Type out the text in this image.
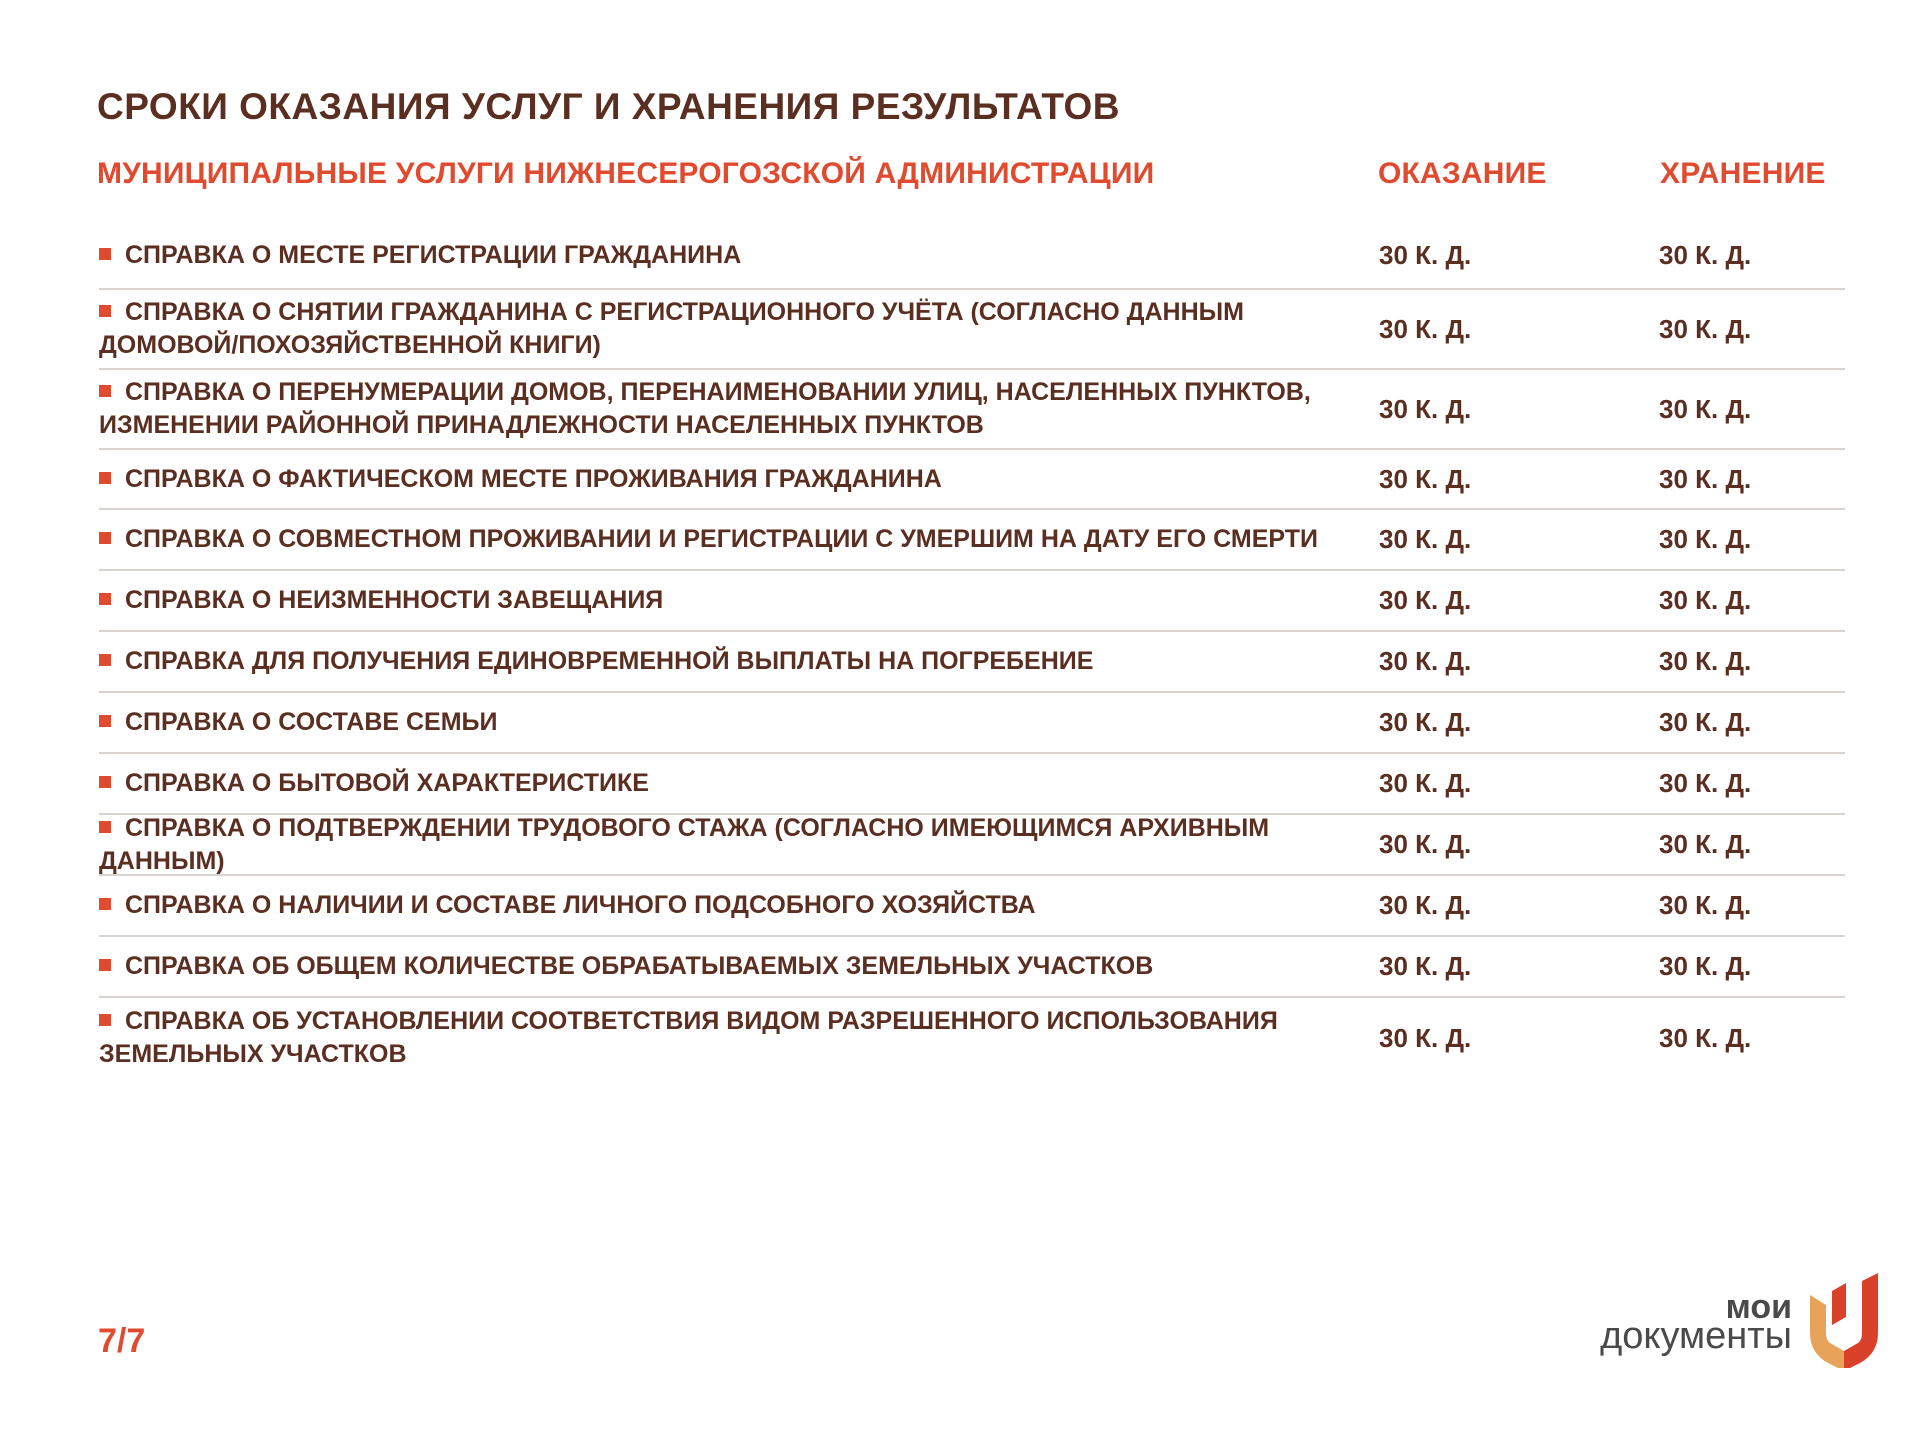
СРОКИ ОКАЗАНИЯ УСЛУГ И ХРАНЕНИЯ РЕЗУЛЬТАТОВ
МУНИЦИПАЛЬНЫЕ УСЛУГИ НИЖНЕСЕРОГОЗСКОЙ АДМИНИСТРАЦИИ	ОКАЗАНИЕ	ХРАНЕНИЕ
СПРАВКА О МЕСТЕ РЕГИСТРАЦИИ ГРАЖДАНИНА	30 К. Д.	30 К. Д.
СПРАВКА О СНЯТИИ ГРАЖДАНИНА С РЕГИСТРАЦИОННОГО УЧЁТА (СОГЛАСНО ДАННЫМ ДОМОВОЙ/ПОХОЗЯЙСТВЕННОЙ КНИГИ)
30 К. Д.	30 К. Д.
СПРАВКА О ПЕРЕНУМЕРАЦИИ ДОМОВ, ПЕРЕНАИМЕНОВАНИИ УЛИЦ, НАСЕЛЕННЫХ ПУНКТОВ, ИЗМЕНЕНИИ РАЙОННОЙ ПРИНАДЛЕЖНОСТИ НАСЕЛЕННЫХ ПУНКТОВ
30 К. Д.	30 К. Д.
СПРАВКА О ФАКТИЧЕСКОМ МЕСТЕ ПРОЖИВАНИЯ ГРАЖДАНИНА	30 К. Д.	30 К. Д.
СПРАВКА О СОВМЕСТНОМ ПРОЖИВАНИИ И РЕГИСТРАЦИИ С УМЕРШИМ НА ДАТУ ЕГО СМЕРТИ	30 К. Д.	30 К. Д.
СПРАВКА О НЕИЗМЕННОСТИ ЗАВЕЩАНИЯ	30 К. Д.	30 К. Д.
СПРАВКА ДЛЯ ПОЛУЧЕНИЯ ЕДИНОВРЕМЕННОЙ ВЫПЛАТЫ НА ПОГРЕБЕНИЕ	30 К. Д.	30 К. Д.
СПРАВКА О СОСТАВЕ СЕМЬИ	30 К. Д.	30 К. Д.
СПРАВКА О БЫТОВОЙ ХАРАКТЕРИСТИКЕ	30 К. Д.	30 К. Д.
СПРАВКА О ПОДТВЕРЖДЕНИИ ТРУДОВОГО СТАЖА (СОГЛАСНО ИМЕЮЩИМСЯ АРХИВНЫМ ДАННЫМ)
30 К. Д.	30 К. Д.
СПРАВКА О НАЛИЧИИ И СОСТАВЕ ЛИЧНОГО ПОДСОБНОГО ХОЗЯЙСТВА	30 К. Д.	30 К. Д.
СПРАВКА ОБ ОБЩЕМ КОЛИЧЕСТВЕ ОБРАБАТЫВАЕМЫХ ЗЕМЕЛЬНЫХ УЧАСТКОВ	30 К. Д.	30 К. Д.
СПРАВКА ОБ УСТАНОВЛЕНИИ СООТВЕТСТВИЯ ВИДОМ РАЗРЕШЕННОГО ИСПОЛЬЗОВАНИЯ ЗЕМЕЛЬНЫХ УЧАСТКОВ
30 К. Д.	30 К. Д.
7/7
мои
документы
